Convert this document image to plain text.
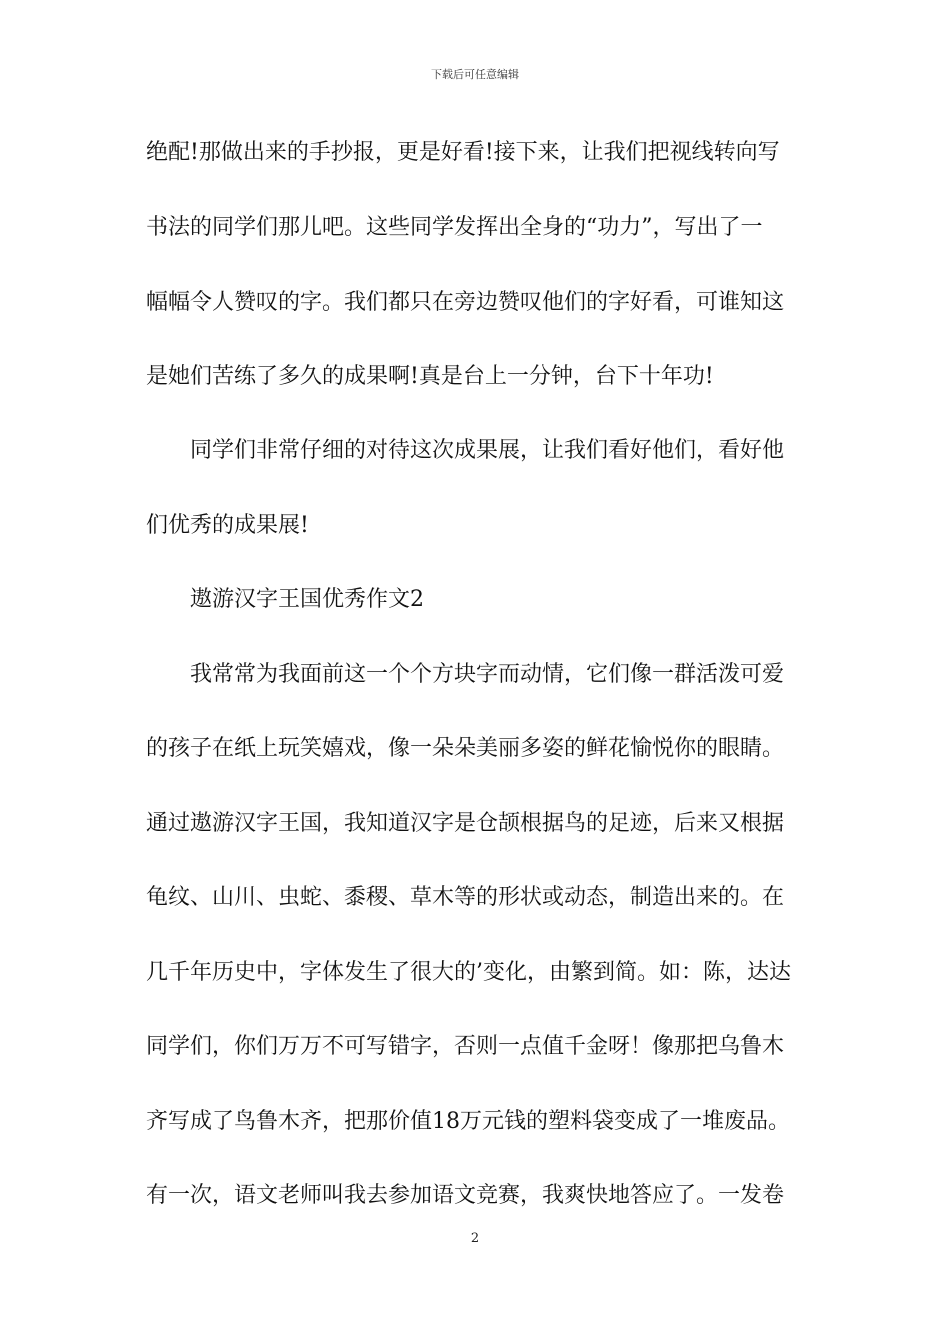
下载后可任意编辑
绝配!那做出来的手抄报，更是好看!接下来，让我们把视线转向写
书法的同学们那儿吧。这些同学发挥出全身的“功力”，写出了一
幅幅令人赞叹的字。我们都只在旁边赞叹他们的字好看，可谁知这
是她们苦练了多久的成果啊!真是台上一分钟，台下十年功!
　　同学们非常仔细的对待这次成果展，让我们看好他们，看好他
们优秀的成果展!
　　遨游汉字王国优秀作文2
　　我常常为我面前这一个个方块字而动情，它们像一群活泼可爱
的孩子在纸上玩笑嬉戏，像一朵朵美丽多姿的鲜花愉悦你的眼睛。
通过遨游汉字王国，我知道汉字是仓颉根据鸟的足迹，后来又根据
龟纹、山川、虫蛇、黍稷、草木等的形状或动态，制造出来的。在
几千年历史中，字体发生了很大的’变化，由繁到简。如：陈，达达
同学们，你们万万不可写错字，否则一点值千金呀！像那把乌鲁木
齐写成了鸟鲁木齐，把那价值18万元钱的塑料袋变成了一堆废品。
有一次，语文老师叫我去参加语文竞赛，我爽快地答应了。一发卷
2
